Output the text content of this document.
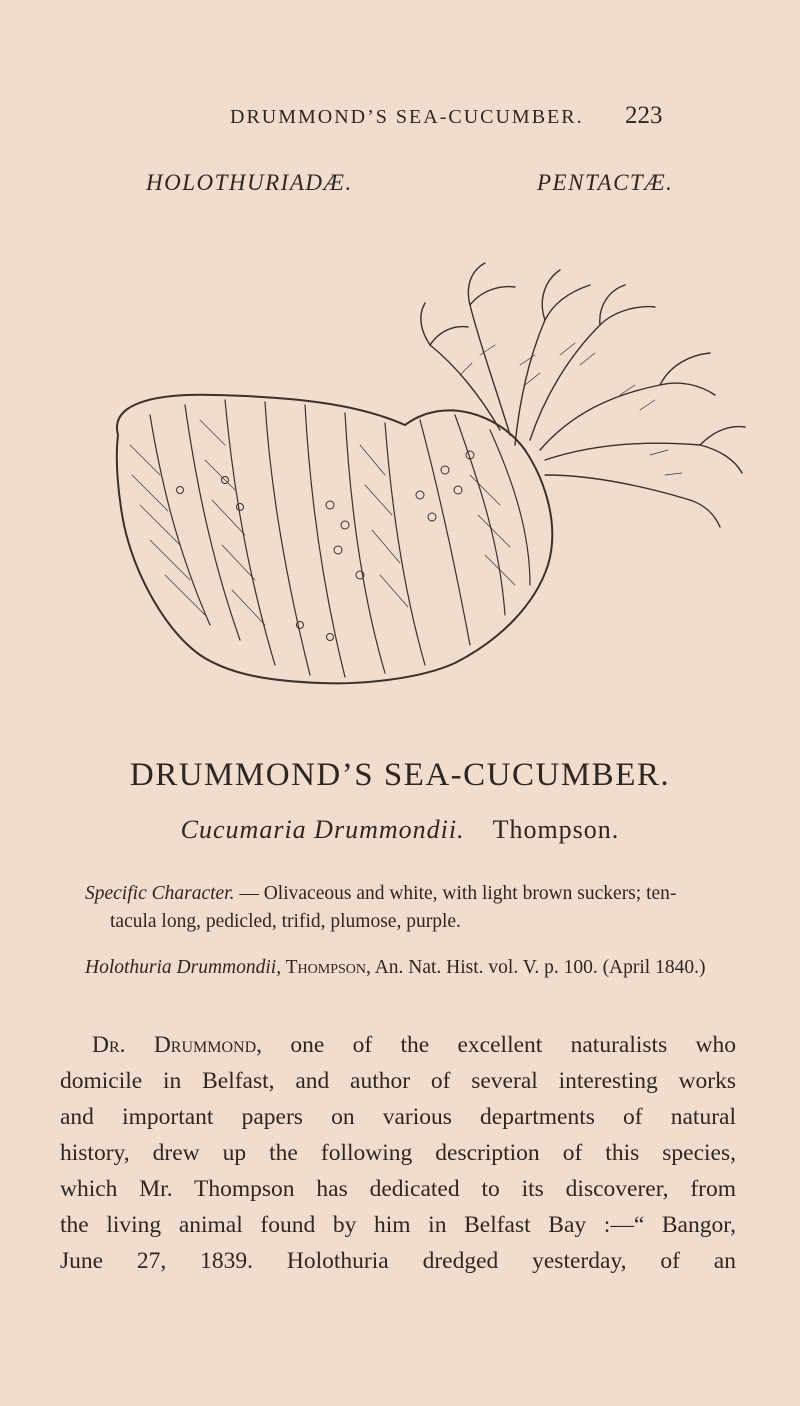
DRUMMOND’S SEA-CUCUMBER. 223
HOLOTHURIADÆ.	PENTACTÆ.
DRUMMOND’S SEA-CUCUMBER.
Cucumaria Drummondii. Thompson.
Specific Character. — Olivaceous and white, with light brown suckers; ten-tacula long, pedicled, trifid, plumose, purple.
Holothuria Drummondii, Thompson, An. Nat. Hist. vol. V. p. 100. (April 1840.)
Dr. Drummond, one of the excellent naturalists who
domicile in Belfast, and author of several interesting works
and important papers on various departments of natural
history, drew up the following description of this species,
which Mr. Thompson has dedicated to its discoverer, from
the living animal found by him in Belfast Bay :—“ Bangor,
June 27, 1839. Holothuria dredged yesterday, of an
